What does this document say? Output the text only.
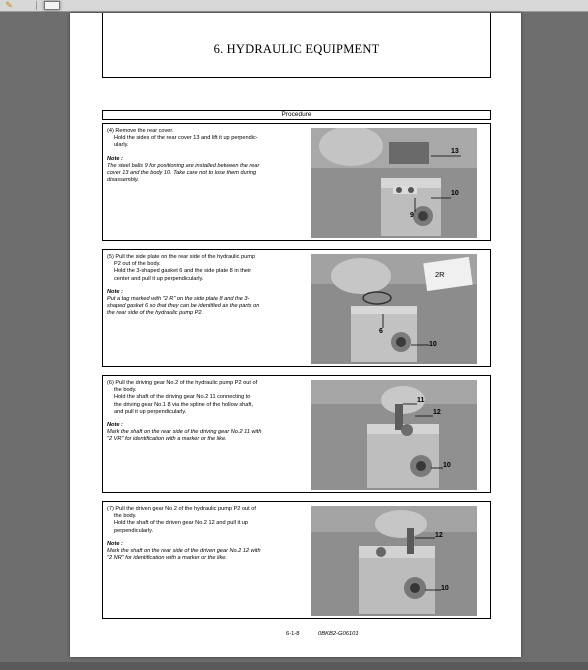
✎
6. HYDRAULIC EQUIPMENT
Procedure
(4) Remove the rear cover.
Hold the sides of the rear cover 13 and lift it up perpendic-
ularly.
Note :
The steel balls 9 for positioning are installed between the rear
cover 13 and the body 10. Take care not to lose them during
disassembly.
13
10
9
(5) Pull the side plate on the rear side of the hydraulic pump
P2 out of the body.
Hold the 3-shaped gasket 6 and the side plate 8 in their
center and pull it up perpendicularly.
Note :
Put a tag marked with "2 R" on the side plate 8 and the 3-
shaped gasket 6 so that they can be identified as the parts on
the rear side of the hydraulic pump P2.
2R
6
10
(6) Pull the driving gear No.2 of the hydraulic pump P2 out of
the body.
Hold the shaft of the driving gear No.2 11 connecting to
the driving gear No.1 8 via the spline of the hollow shaft,
and pull it up perpendicularly.
Note :
Mark the shaft on the rear side of the driving gear No.2 11 with
"2 VR" for identification with a marker or the like.
11
12
10
(7) Pull the driven gear No.2 of the hydraulic pump P2 out of
the body.
Hold the shaft of the driven gear No.2 12 and pull it up
perpendicularly.
Note :
Mark the shaft on the rear side of the driven gear No.2 12 with
"2 NR" for identification with a marker or the like.
12
10
6-1-8	0BKB2-G06101
